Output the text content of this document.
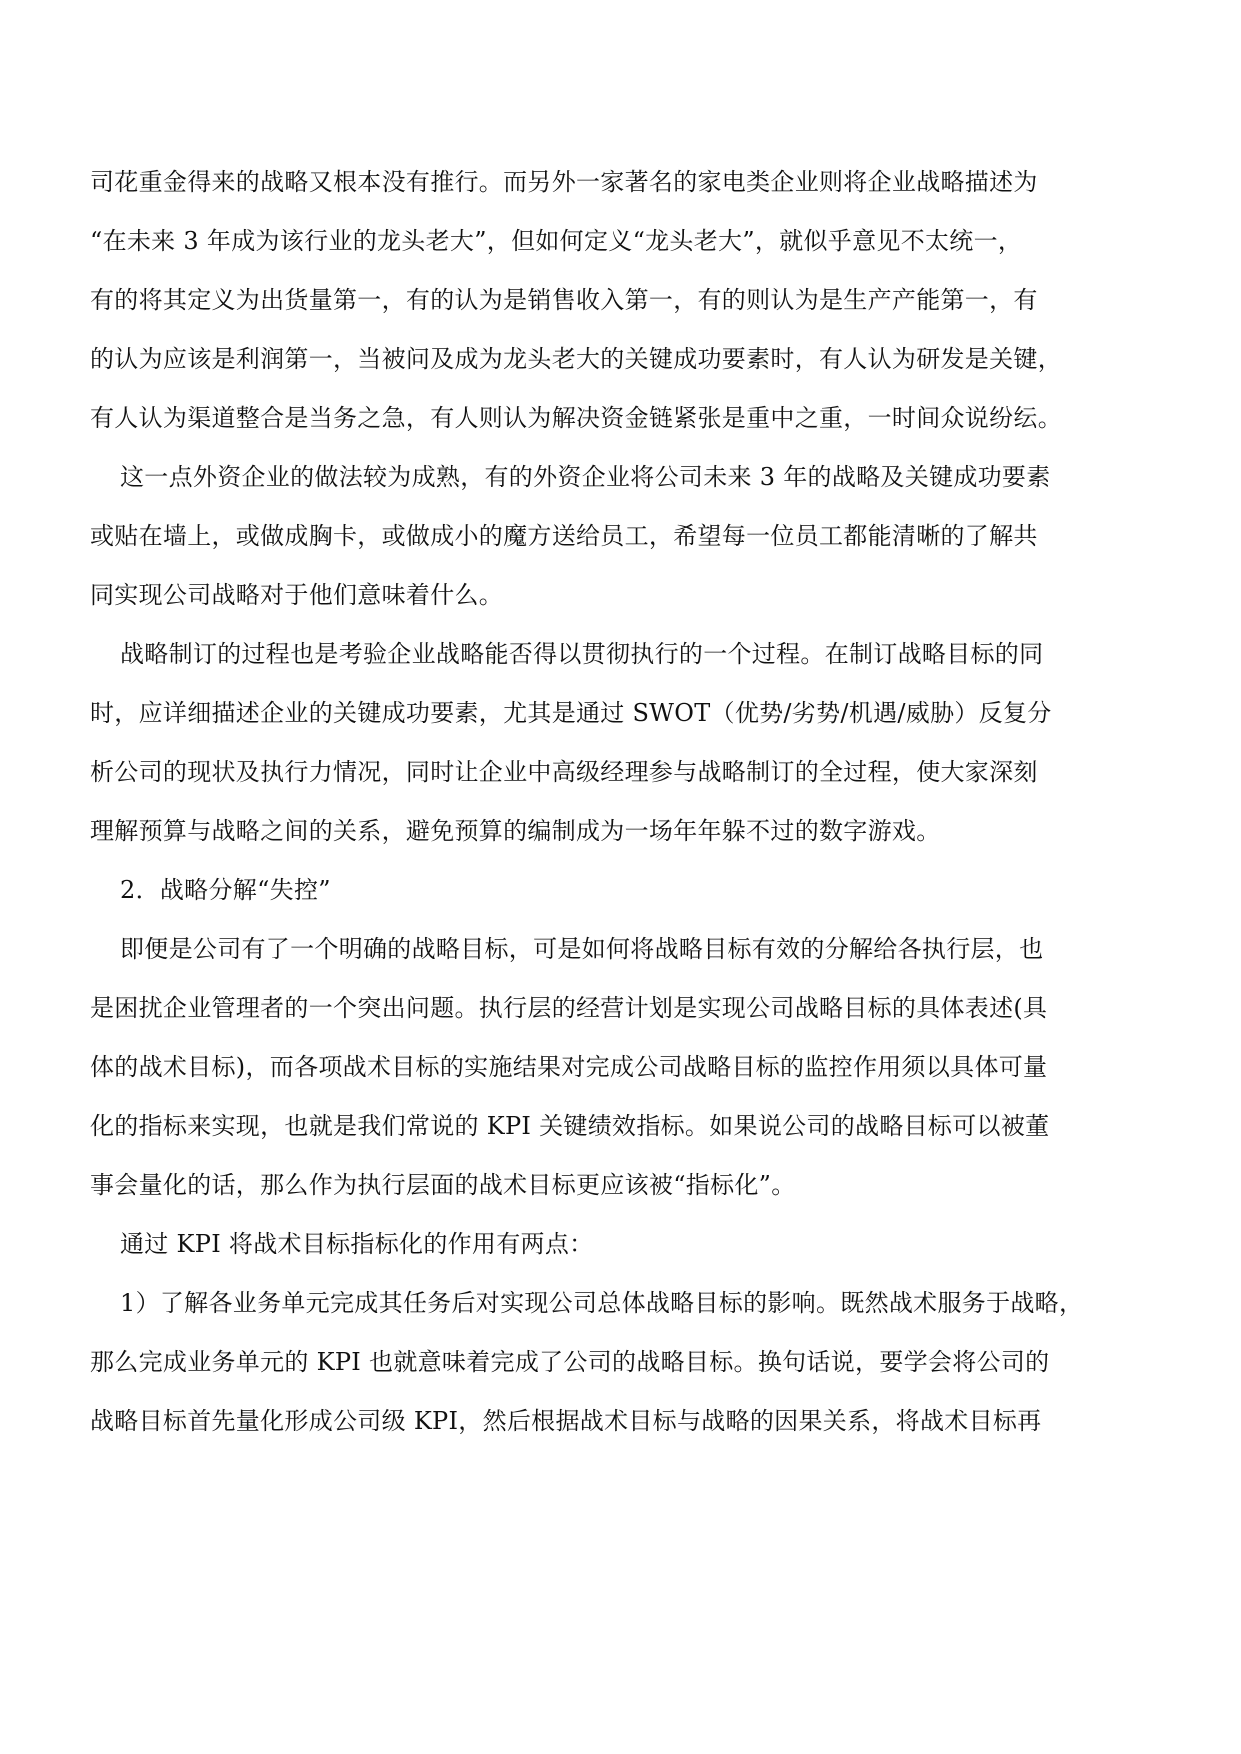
司花重金得来的战略又根本没有推行。而另外一家著名的家电类企业则将企业战略描述为
“在未来 3 年成为该行业的龙头老大”，但如何定义“龙头老大”，就似乎意见不太统一，
有的将其定义为出货量第一，有的认为是销售收入第一，有的则认为是生产产能第一，有
的认为应该是利润第一，当被问及成为龙头老大的关键成功要素时，有人认为研发是关键，
有人认为渠道整合是当务之急，有人则认为解决资金链紧张是重中之重，一时间众说纷纭。
这一点外资企业的做法较为成熟，有的外资企业将公司未来 3 年的战略及关键成功要素
或贴在墙上，或做成胸卡，或做成小的魔方送给员工，希望每一位员工都能清晰的了解共
同实现公司战略对于他们意味着什么。
战略制订的过程也是考验企业战略能否得以贯彻执行的一个过程。在制订战略目标的同
时，应详细描述企业的关键成功要素，尤其是通过 SWOT（优势/劣势/机遇/威胁）反复分
析公司的现状及执行力情况，同时让企业中高级经理参与战略制订的全过程，使大家深刻
理解预算与战略之间的关系，避免预算的编制成为一场年年躲不过的数字游戏。
2．战略分解“失控”
即便是公司有了一个明确的战略目标，可是如何将战略目标有效的分解给各执行层，也
是困扰企业管理者的一个突出问题。执行层的经营计划是实现公司战略目标的具体表述(具
体的战术目标)，而各项战术目标的实施结果对完成公司战略目标的监控作用须以具体可量
化的指标来实现，也就是我们常说的 KPI 关键绩效指标。如果说公司的战略目标可以被董
事会量化的话，那么作为执行层面的战术目标更应该被“指标化”。
通过 KPI 将战术目标指标化的作用有两点：
1）了解各业务单元完成其任务后对实现公司总体战略目标的影响。既然战术服务于战略，
那么完成业务单元的 KPI 也就意味着完成了公司的战略目标。换句话说，要学会将公司的
战略目标首先量化形成公司级 KPI，然后根据战术目标与战略的因果关系，将战术目标再
